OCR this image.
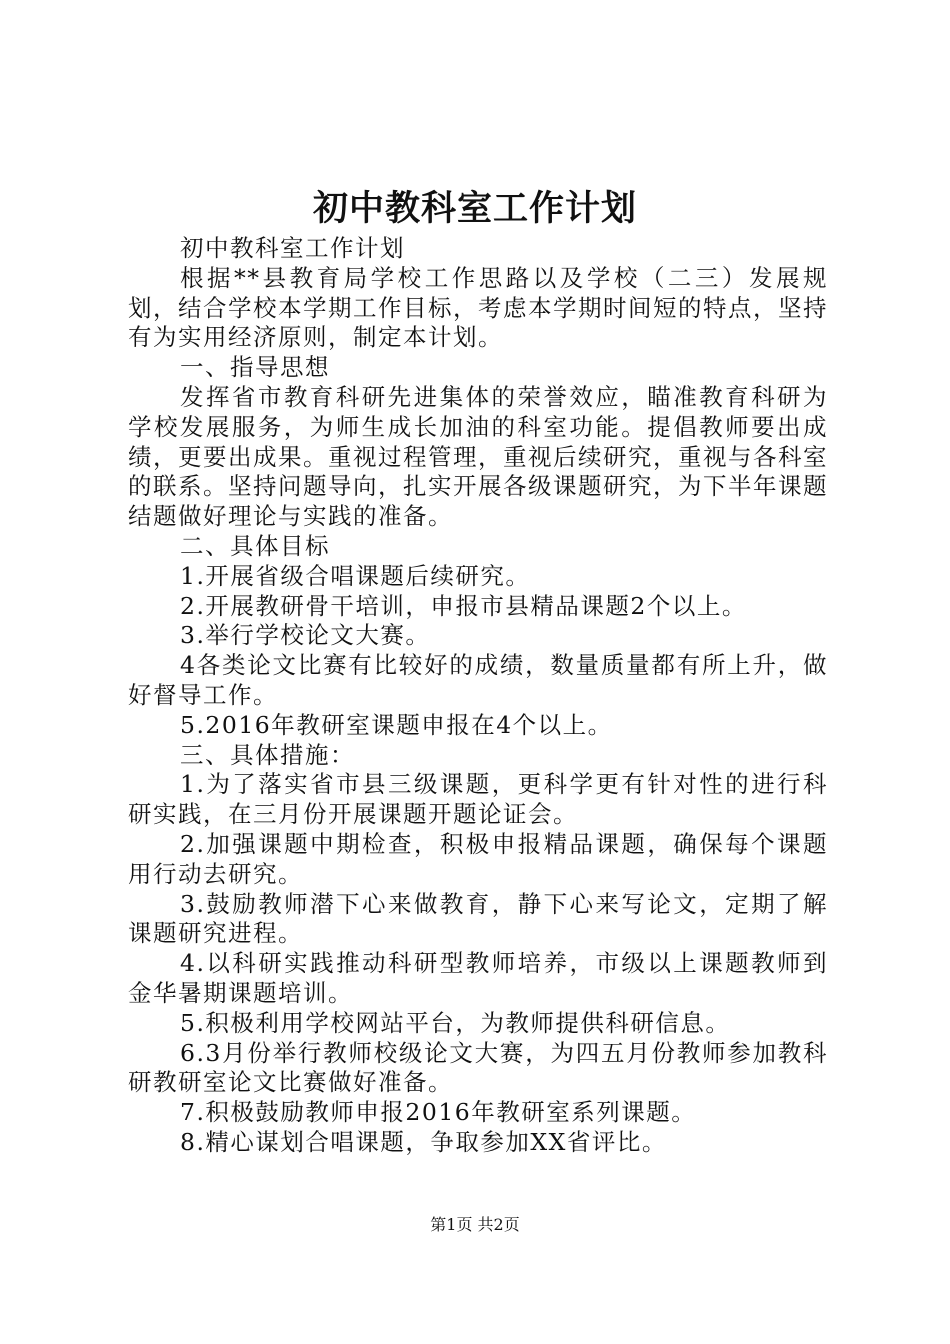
初中教科室工作计划

初中教科室工作计划

根据**县教育局学校工作思路以及学校（二三）发展规划，结合学校本学期工作目标，考虑本学期时间短的特点，坚持有为实用经济原则，制定本计划。

一、指导思想

发挥省市教育科研先进集体的荣誉效应，瞄准教育科研为学校发展服务，为师生成长加油的科室功能。提倡教师要出成绩，更要出成果。重视过程管理，重视后续研究，重视与各科室的联系。坚持问题导向，扎实开展各级课题研究，为下半年课题结题做好理论与实践的准备。

二、具体目标

1.开展省级合唱课题后续研究。

2.开展教研骨干培训，申报市县精品课题2个以上。

3.举行学校论文大赛。

4各类论文比赛有比较好的成绩，数量质量都有所上升，做好督导工作。

5.2016年教研室课题申报在4个以上。

三、具体措施：

1.为了落实省市县三级课题，更科学更有针对性的进行科研实践，在三月份开展课题开题论证会。

2.加强课题中期检查，积极申报精品课题，确保每个课题用行动去研究。

3.鼓励教师潜下心来做教育，静下心来写论文，定期了解课题研究进程。

4.以科研实践推动科研型教师培养，市级以上课题教师到金华暑期课题培训。

5.积极利用学校网站平台，为教师提供科研信息。

6.3月份举行教师校级论文大赛，为四五月份教师参加教科研教研室论文比赛做好准备。

7.积极鼓励教师申报2016年教研室系列课题。

8.精心谋划合唱课题，争取参加XX省评比。

第1页 共2页
